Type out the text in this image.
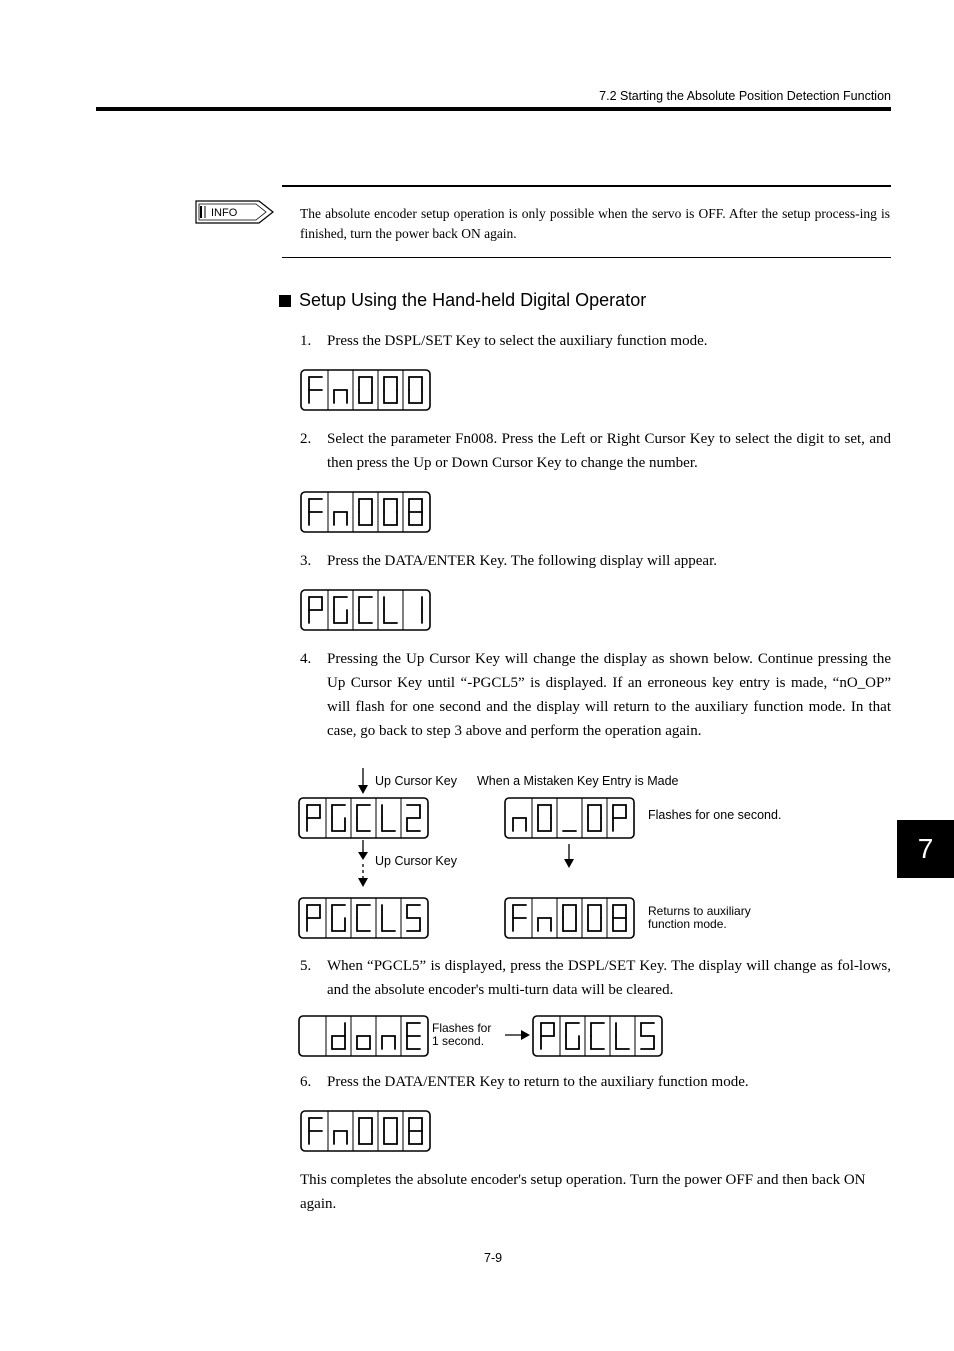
7.2 Starting the Absolute Position Detection Function
INFO	The absolute encoder setup operation is only possible when the servo is OFF. After the setup process-ing is finished, turn the power back ON again.
Setup Using the Hand-held Digital Operator
1.	Press the DSPL/SET Key to select the auxiliary function mode.
2.	Select the parameter Fn008. Press the Left or Right Cursor Key to select the digit to set, and then press the Up or Down Cursor Key to change the number.
3.	Press the DATA/ENTER Key. The following display will appear.
4.	Pressing the Up Cursor Key will change the display as shown below. Continue pressing the Up Cursor Key until “-PGCL5” is displayed. If an erroneous key entry is made, “nO_OP” will flash for one second and the display will return to the auxiliary function mode. In that case, go back to step 3 above and perform the operation again.
Up Cursor Key When a Mistaken Key Entry is Made
Flashes for one second.
Up Cursor Key
Returns to auxiliary
function mode.
5.	When “PGCL5” is displayed, press the DSPL/SET Key. The display will change as fol-lows, and the absolute encoder's multi-turn data will be cleared.
Flashes for
1 second.
6.	Press the DATA/ENTER Key to return to the auxiliary function mode.
This completes the absolute encoder's setup operation. Turn the power OFF and then back ON again.
7-9
7
